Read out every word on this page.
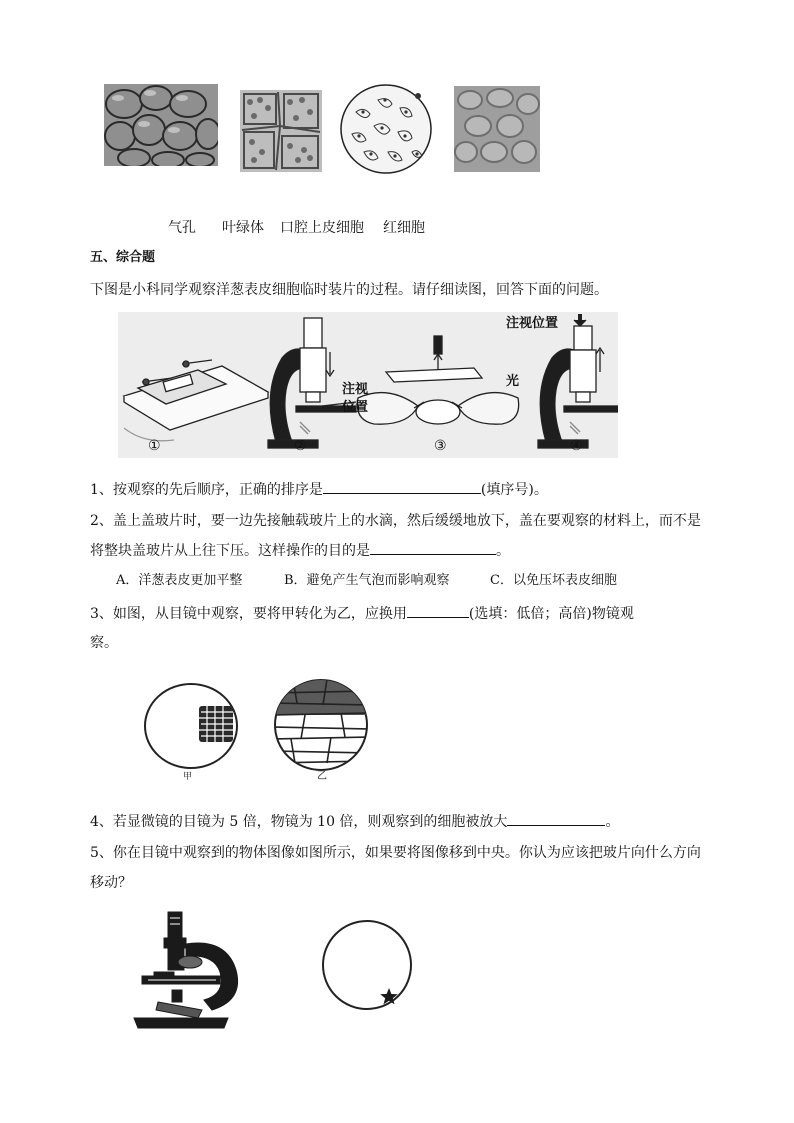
气孔 叶绿体 口腔上皮细胞 红细胞
五、综合题
下图是小科同学观察洋葱表皮细胞临时装片的过程。请仔细读图，回答下面的问题。
注视
位置
光
注视位置
①	②	③	④
1、按观察的先后顺序，正确的排序是	(填序号)。
2、盖上盖玻片时，要一边先接触载玻片上的水滴，然后缓缓地放下，盖在要观察的材料上，而不是
将整块盖玻片从上往下压。这样操作的目的是	。
A．洋葱表皮更加平整	B．避免产生气泡而影响观察	C．以免压坏表皮细胞
3、如图，从目镜中观察，要将甲转化为乙，应换用	(选填：低倍；高倍)物镜观
察。
甲	乙
4、若显微镜的目镜为 5 倍，物镜为 10 倍，则观察到的细胞被放大	。
5、你在目镜中观察到的物体图像如图所示，如果要将图像移到中央。你认为应该把玻片向什么方向
移动？
